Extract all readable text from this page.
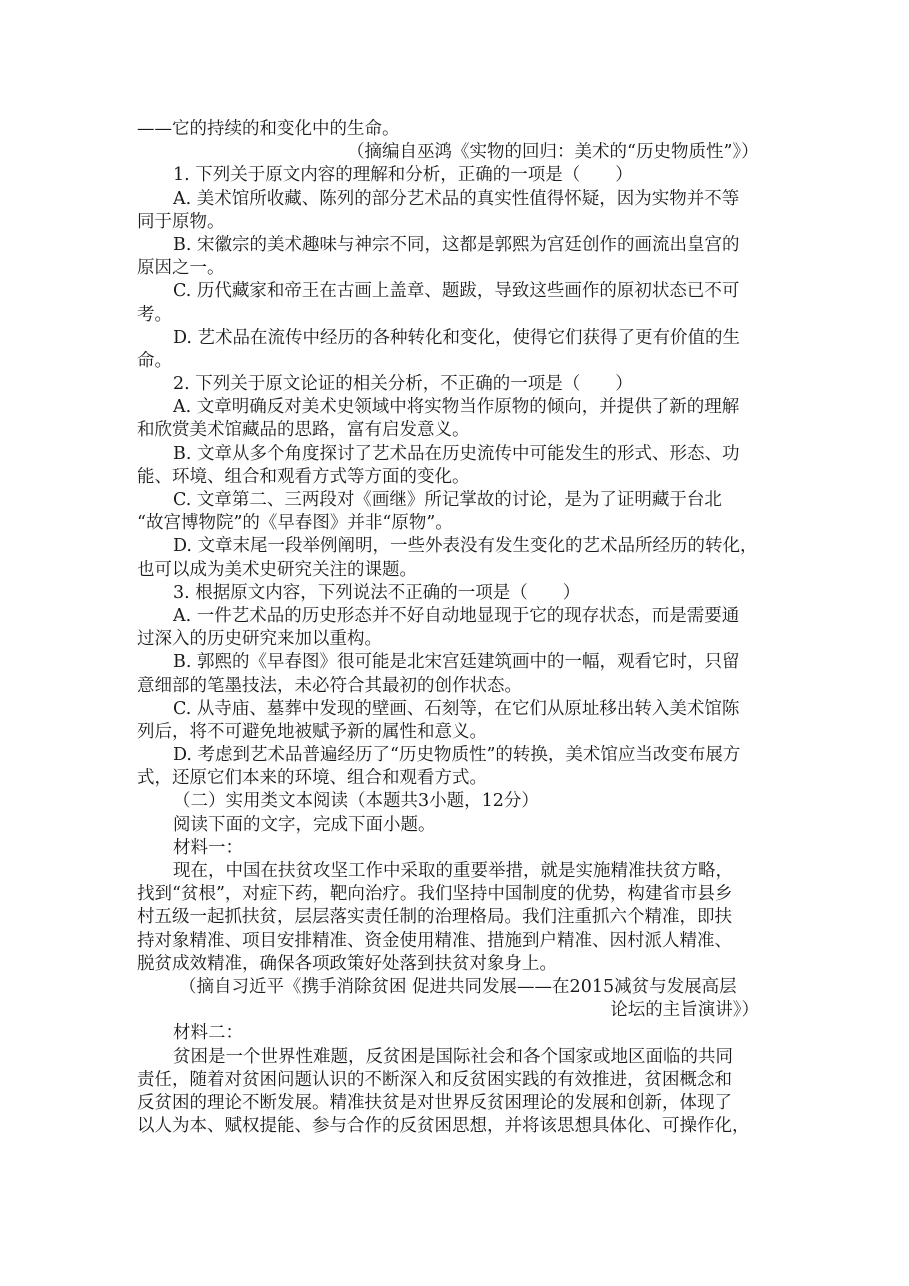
——它的持续的和变化中的生命。
（摘编自巫鸿《实物的回归：美术的“历史物质性”》）
1. 下列关于原文内容的理解和分析，正确的一项是（　　）
A. 美术馆所收藏、陈列的部分艺术品的真实性值得怀疑，因为实物并不等
同于原物。
B. 宋徽宗的美术趣味与神宗不同，这都是郭熙为宫廷创作的画流出皇宫的
原因之一。
C. 历代藏家和帝王在古画上盖章、题跋，导致这些画作的原初状态已不可
考。
D. 艺术品在流传中经历的各种转化和变化，使得它们获得了更有价值的生
命。
2. 下列关于原文论证的相关分析，不正确的一项是（　　）
A. 文章明确反对美术史领域中将实物当作原物的倾向，并提供了新的理解
和欣赏美术馆藏品的思路，富有启发意义。
B. 文章从多个角度探讨了艺术品在历史流传中可能发生的形式、形态、功
能、环境、组合和观看方式等方面的变化。
C. 文章第二、三两段对《画继》所记掌故的讨论，是为了证明藏于台北
“故宫博物院”的《早春图》并非“原物”。
D. 文章末尾一段举例阐明，一些外表没有发生变化的艺术品所经历的转化，
也可以成为美术史研究关注的课题。
3. 根据原文内容，下列说法不正确的一项是（　　）
A. 一件艺术品的历史形态并不好自动地显现于它的现存状态，而是需要通
过深入的历史研究来加以重构。
B. 郭熙的《早春图》很可能是北宋宫廷建筑画中的一幅，观看它时，只留
意细部的笔墨技法，未必符合其最初的创作状态。
C. 从寺庙、墓葬中发现的壁画、石刻等，在它们从原址移出转入美术馆陈
列后，将不可避免地被赋予新的属性和意义。
D. 考虑到艺术品普遍经历了“历史物质性”的转换，美术馆应当改变布展方
式，还原它们本来的环境、组合和观看方式。
（二）实用类文本阅读（本题共3小题，12分）
阅读下面的文字，完成下面小题。
材料一：
现在，中国在扶贫攻坚工作中采取的重要举措，就是实施精准扶贫方略，
找到“贫根”，对症下药，靶向治疗。我们坚持中国制度的优势，构建省市县乡
村五级一起抓扶贫，层层落实责任制的治理格局。我们注重抓六个精准，即扶
持对象精准、项目安排精准、资金使用精准、措施到户精准、因村派人精准、
脱贫成效精准，确保各项政策好处落到扶贫对象身上。
（摘自习近平《携手消除贫困 促进共同发展——在2015减贫与发展高层
论坛的主旨演讲》）
材料二：
贫困是一个世界性难题，反贫困是国际社会和各个国家或地区面临的共同
责任，随着对贫困问题认识的不断深入和反贫困实践的有效推进，贫困概念和
反贫困的理论不断发展。精准扶贫是对世界反贫困理论的发展和创新，体现了
以人为本、赋权提能、参与合作的反贫困思想，并将该思想具体化、可操作化，
